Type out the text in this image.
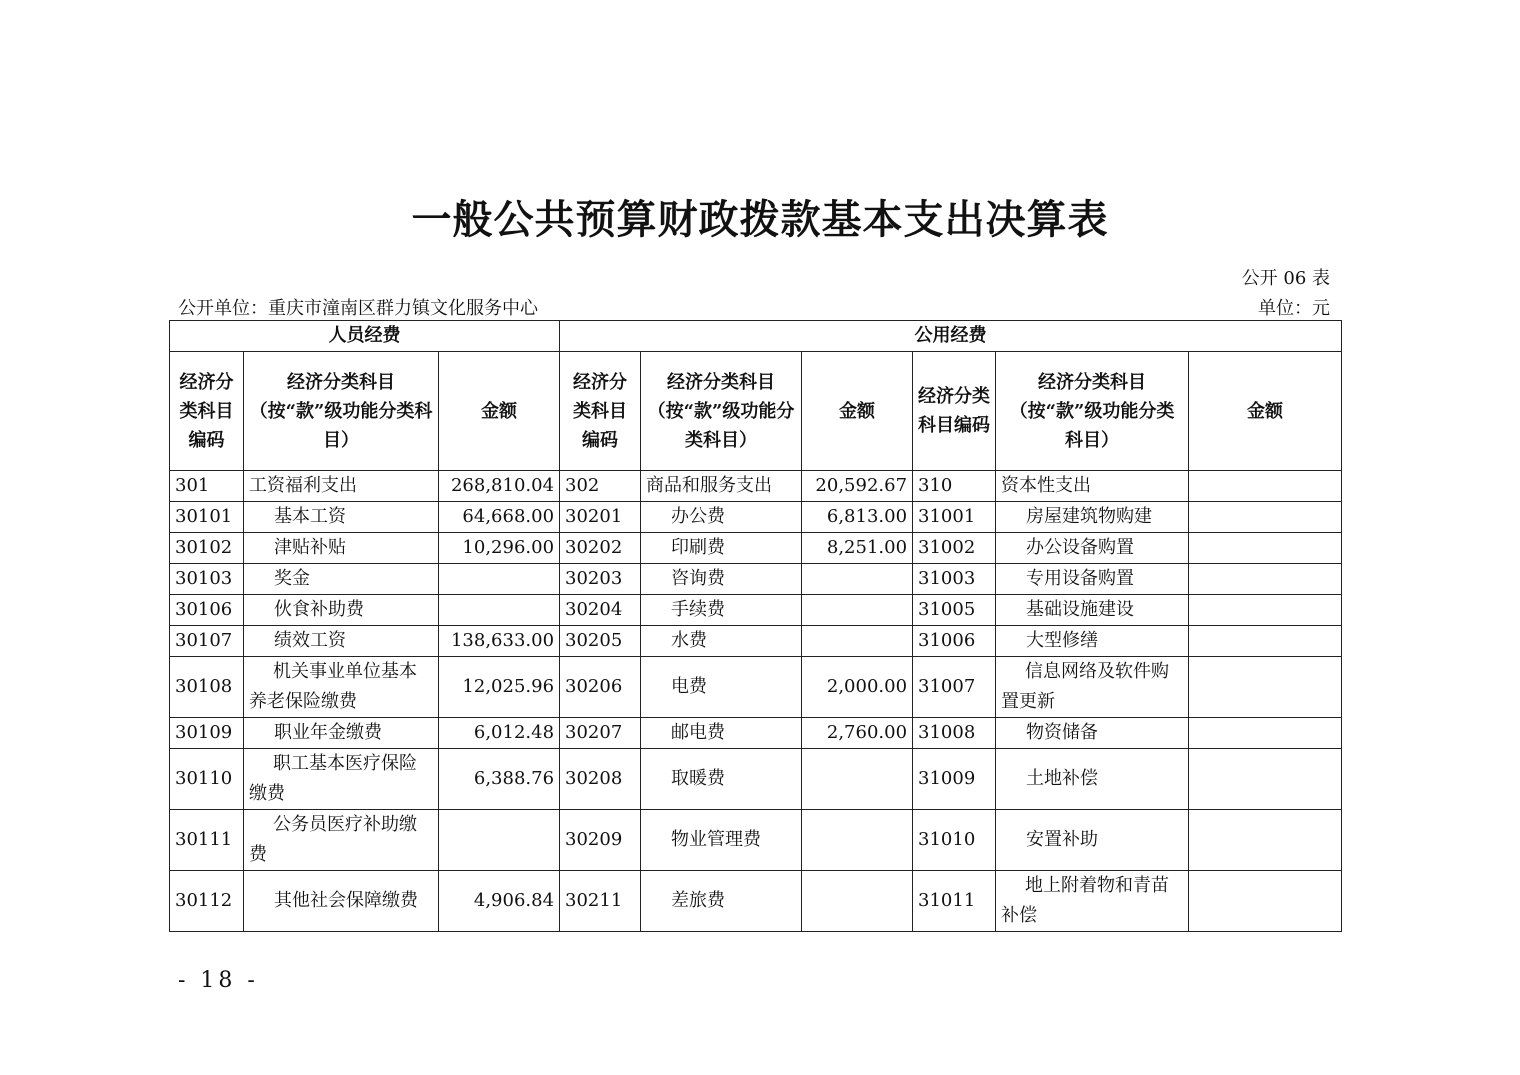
一般公共预算财政拨款基本支出决算表
公开 06 表
公开单位：重庆市潼南区群力镇文化服务中心	单位：元
人员经费			公用经费					
经济分类科目编码	经济分类科目（按“款”级功能分类科目）	金额	经济分类科目编码	经济分类科目（按“款”级功能分类科目）	金额	经济分类科目编码	经济分类科目（按“款”级功能分类科目）	金额
301	工资福利支出	268,810.04	302	商品和服务支出	20,592.67	310	资本性支出	
30101	基本工资	64,668.00	30201	办公费	6,813.00	31001	房屋建筑物购建	
30102	津贴补贴	10,296.00	30202	印刷费	8,251.00	31002	办公设备购置	
30103	奖金		30203	咨询费		31003	专用设备购置	
30106	伙食补助费		30204	手续费		31005	基础设施建设	
30107	绩效工资	138,633.00	30205	水费		31006	大型修缮	
30108	机关事业单位基本养老保险缴费	12,025.96	30206	电费	2,000.00	31007	信息网络及软件购置更新	
30109	职业年金缴费	6,012.48	30207	邮电费	2,760.00	31008	物资储备	
30110	职工基本医疗保险缴费	6,388.76	30208	取暖费		31009	土地补偿	
30111	公务员医疗补助缴费		30209	物业管理费		31010	安置补助	
30112	其他社会保障缴费	4,906.84	30211	差旅费		31011	地上附着物和青苗补偿	
- 18 -
